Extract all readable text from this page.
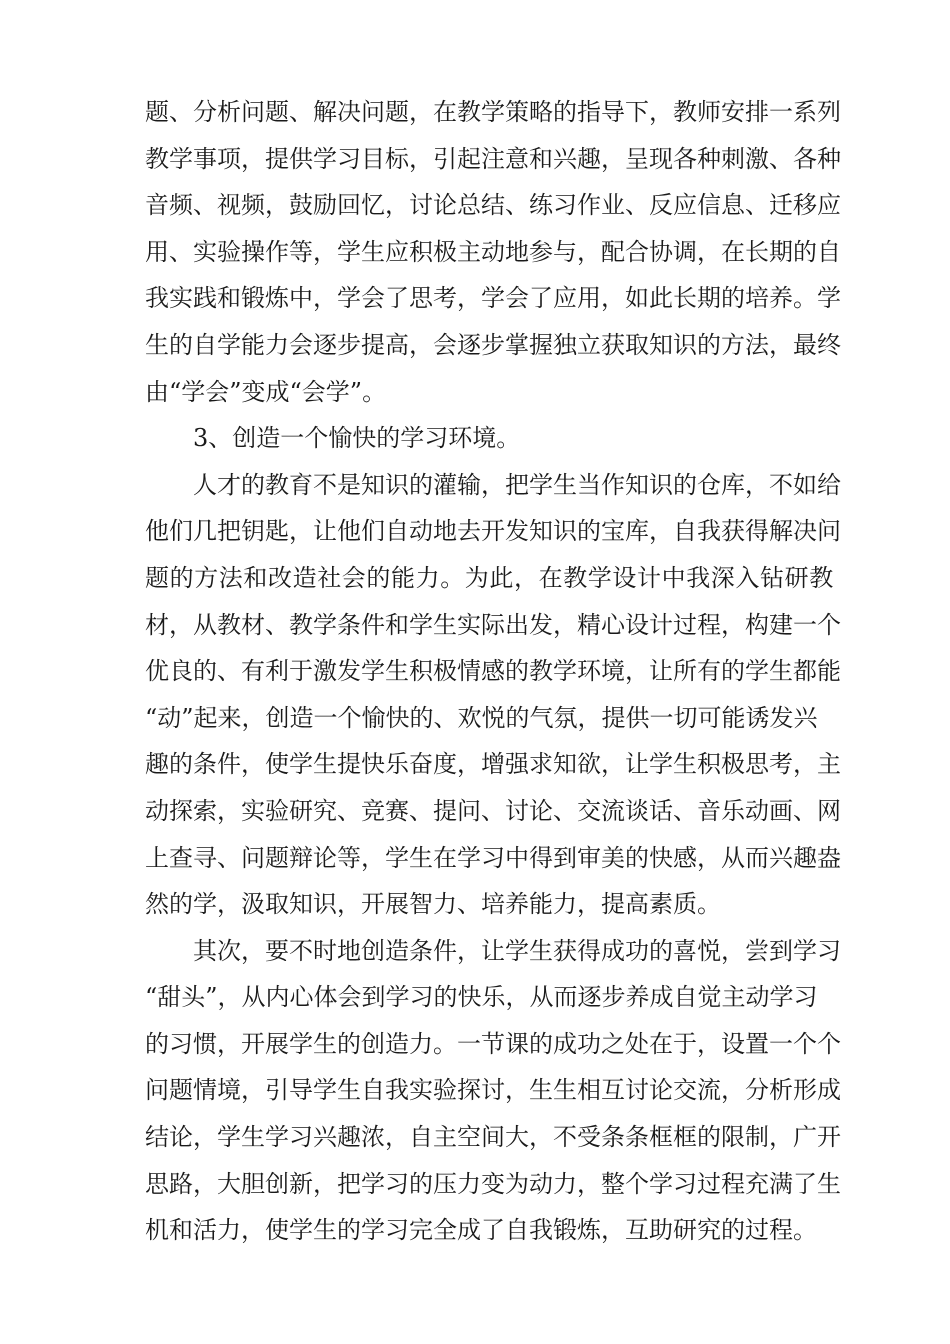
题、分析问题、解决问题，在教学策略的指导下，教师安排一系列
教学事项，提供学习目标，引起注意和兴趣，呈现各种刺激、各种
音频、视频，鼓励回忆，讨论总结、练习作业、反应信息、迁移应
用、实验操作等，学生应积极主动地参与，配合协调，在长期的自
我实践和锻炼中，学会了思考，学会了应用，如此长期的培养。学
生的自学能力会逐步提高，会逐步掌握独立获取知识的方法，最终
由“学会”变成“会学”。
3、创造一个愉快的学习环境。
人才的教育不是知识的灌输，把学生当作知识的仓库，不如给
他们几把钥匙，让他们自动地去开发知识的宝库，自我获得解决问
题的方法和改造社会的能力。为此，在教学设计中我深入钻研教
材，从教材、教学条件和学生实际出发，精心设计过程，构建一个
优良的、有利于激发学生积极情感的教学环境，让所有的学生都能
“动”起来，创造一个愉快的、欢悦的气氛，提供一切可能诱发兴
趣的条件，使学生提快乐奋度，增强求知欲，让学生积极思考，主
动探索，实验研究、竞赛、提问、讨论、交流谈话、音乐动画、网
上查寻、问题辩论等，学生在学习中得到审美的快感，从而兴趣盎
然的学，汲取知识，开展智力、培养能力，提高素质。
其次，要不时地创造条件，让学生获得成功的喜悦，尝到学习
“甜头”，从内心体会到学习的快乐，从而逐步养成自觉主动学习
的习惯，开展学生的创造力。一节课的成功之处在于，设置一个个
问题情境，引导学生自我实验探讨，生生相互讨论交流，分析形成
结论，学生学习兴趣浓，自主空间大，不受条条框框的限制，广开
思路，大胆创新，把学习的压力变为动力，整个学习过程充满了生
机和活力，使学生的学习完全成了自我锻炼，互助研究的过程。
